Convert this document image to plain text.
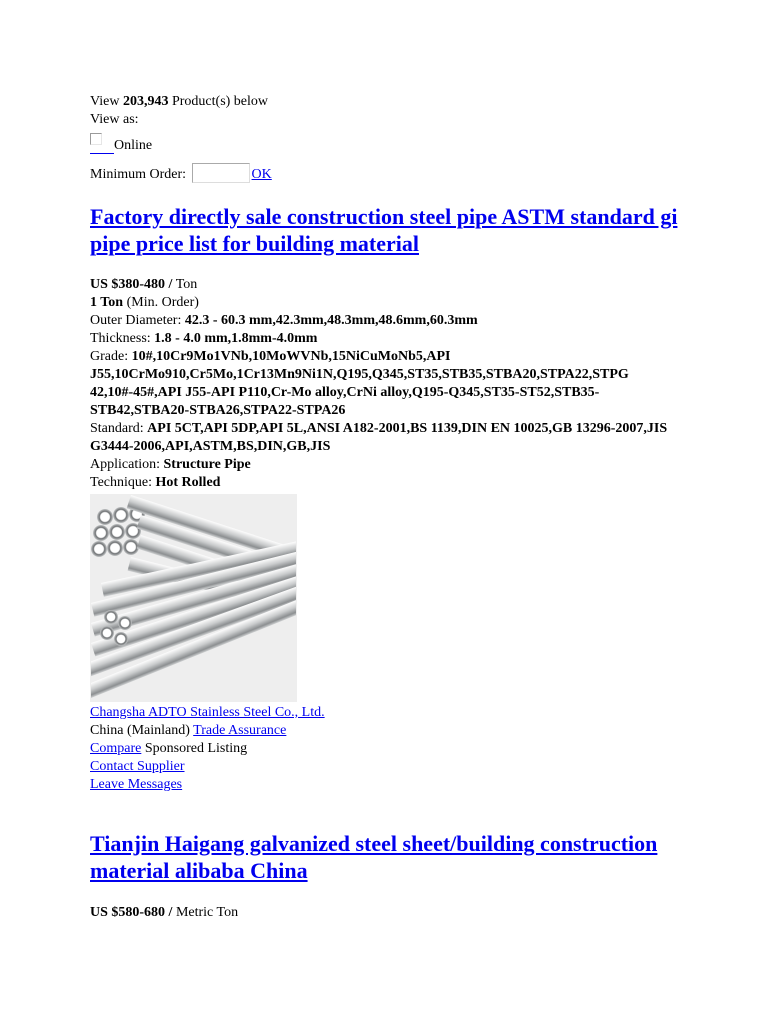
View 203,943 Product(s) below
View as:
Online
Minimum Order:	OK
Factory directly sale construction steel pipe ASTM standard gi pipe price list for building material
US $380-480 / Ton
1 Ton (Min. Order)
Outer Diameter: 42.3 - 60.3 mm,42.3mm,48.3mm,48.6mm,60.3mm
Thickness: 1.8 - 4.0 mm,1.8mm-4.0mm
Grade: 10#,10Cr9Mo1VNb,10MoWVNb,15NiCuMoNb5,API J55,10CrMo910,Cr5Mo,1Cr13Mn9Ni1N,Q195,Q345,ST35,STB35,STBA20,STPA22,STPG 42,10#-45#,API J55-API P110,Cr-Mo alloy,CrNi alloy,Q195-Q345,ST35-ST52,STB35-STB42,STBA20-STBA26,STPA22-STPA26
Standard: API 5CT,API 5DP,API 5L,ANSI A182-2001,BS 1139,DIN EN 10025,GB 13296-2007,JIS G3444-2006,API,ASTM,BS,DIN,GB,JIS
Application: Structure Pipe
Technique: Hot Rolled
Changsha ADTO Stainless Steel Co., Ltd.
China (Mainland) Trade Assurance
Compare Sponsored Listing
Contact Supplier
Leave Messages
Tianjin Haigang galvanized steel sheet/building construction material alibaba China
US $580-680 / Metric Ton
